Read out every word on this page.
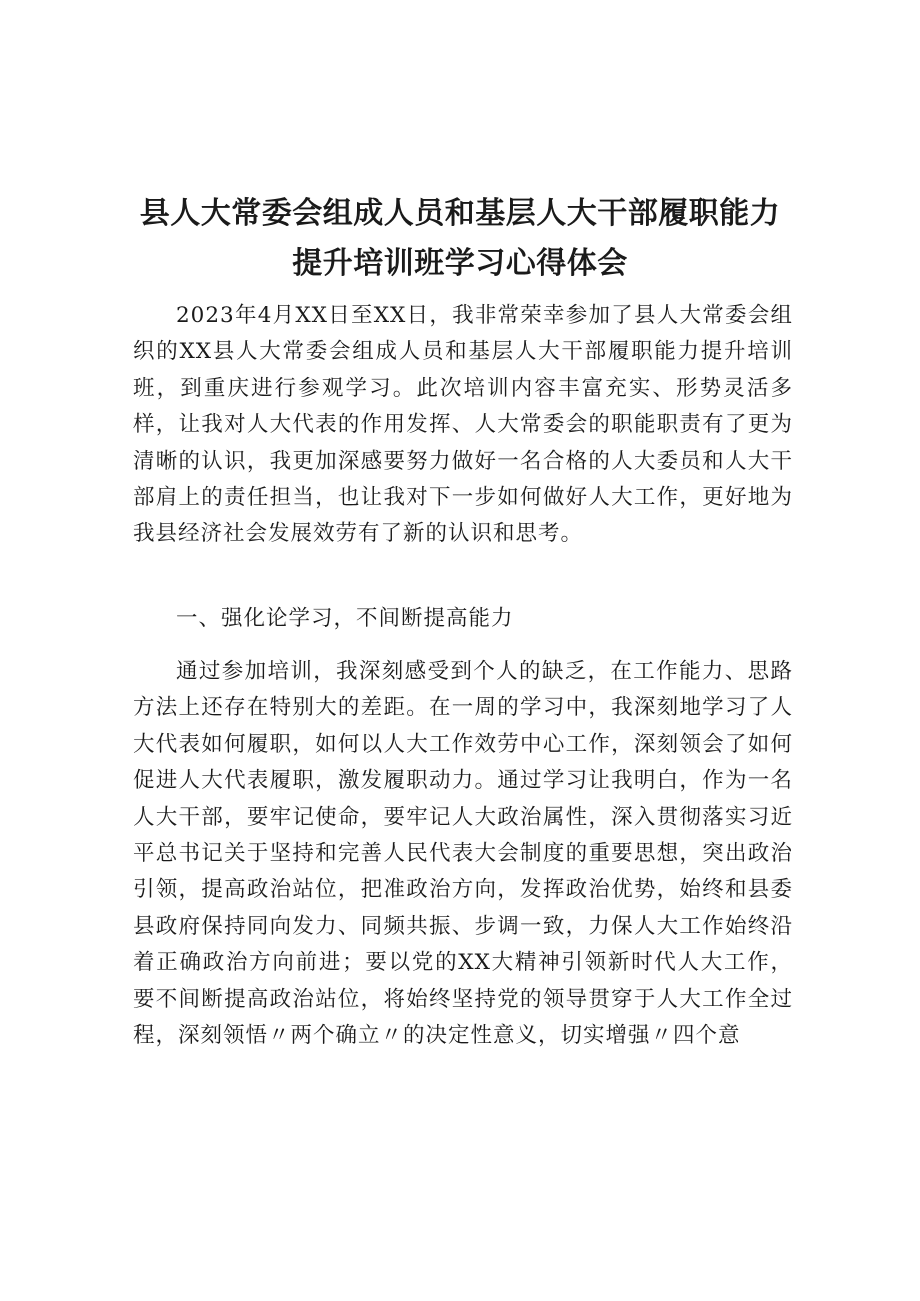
县人大常委会组成人员和基层人大干部履职能力
提升培训班学习心得体会

2023年4月XX日至XX日，我非常荣幸参加了县人大常委会组织的XX县人大常委会组成人员和基层人大干部履职能力提升培训班，到重庆进行参观学习。此次培训内容丰富充实、形势灵活多样，让我对人大代表的作用发挥、人大常委会的职能职责有了更为清晰的认识，我更加深感要努力做好一名合格的人大委员和人大干部肩上的责任担当，也让我对下一步如何做好人大工作，更好地为我县经济社会发展效劳有了新的认识和思考。

一、强化论学习，不间断提高能力

通过参加培训，我深刻感受到个人的缺乏，在工作能力、思路方法上还存在特别大的差距。在一周的学习中，我深刻地学习了人大代表如何履职，如何以人大工作效劳中心工作，深刻领会了如何促进人大代表履职，激发履职动力。通过学习让我明白，作为一名人大干部，要牢记使命，要牢记人大政治属性，深入贯彻落实习近平总书记关于坚持和完善人民代表大会制度的重要思想，突出政治引领，提高政治站位，把准政治方向，发挥政治优势，始终和县委县政府保持同向发力、同频共振、步调一致，力保人大工作始终沿着正确政治方向前进；要以党的XX大精神引领新时代人大工作，要不间断提高政治站位，将始终坚持党的领导贯穿于人大工作全过程，深刻领悟〃两个确立〃的决定性意义，切实增强〃四个意
